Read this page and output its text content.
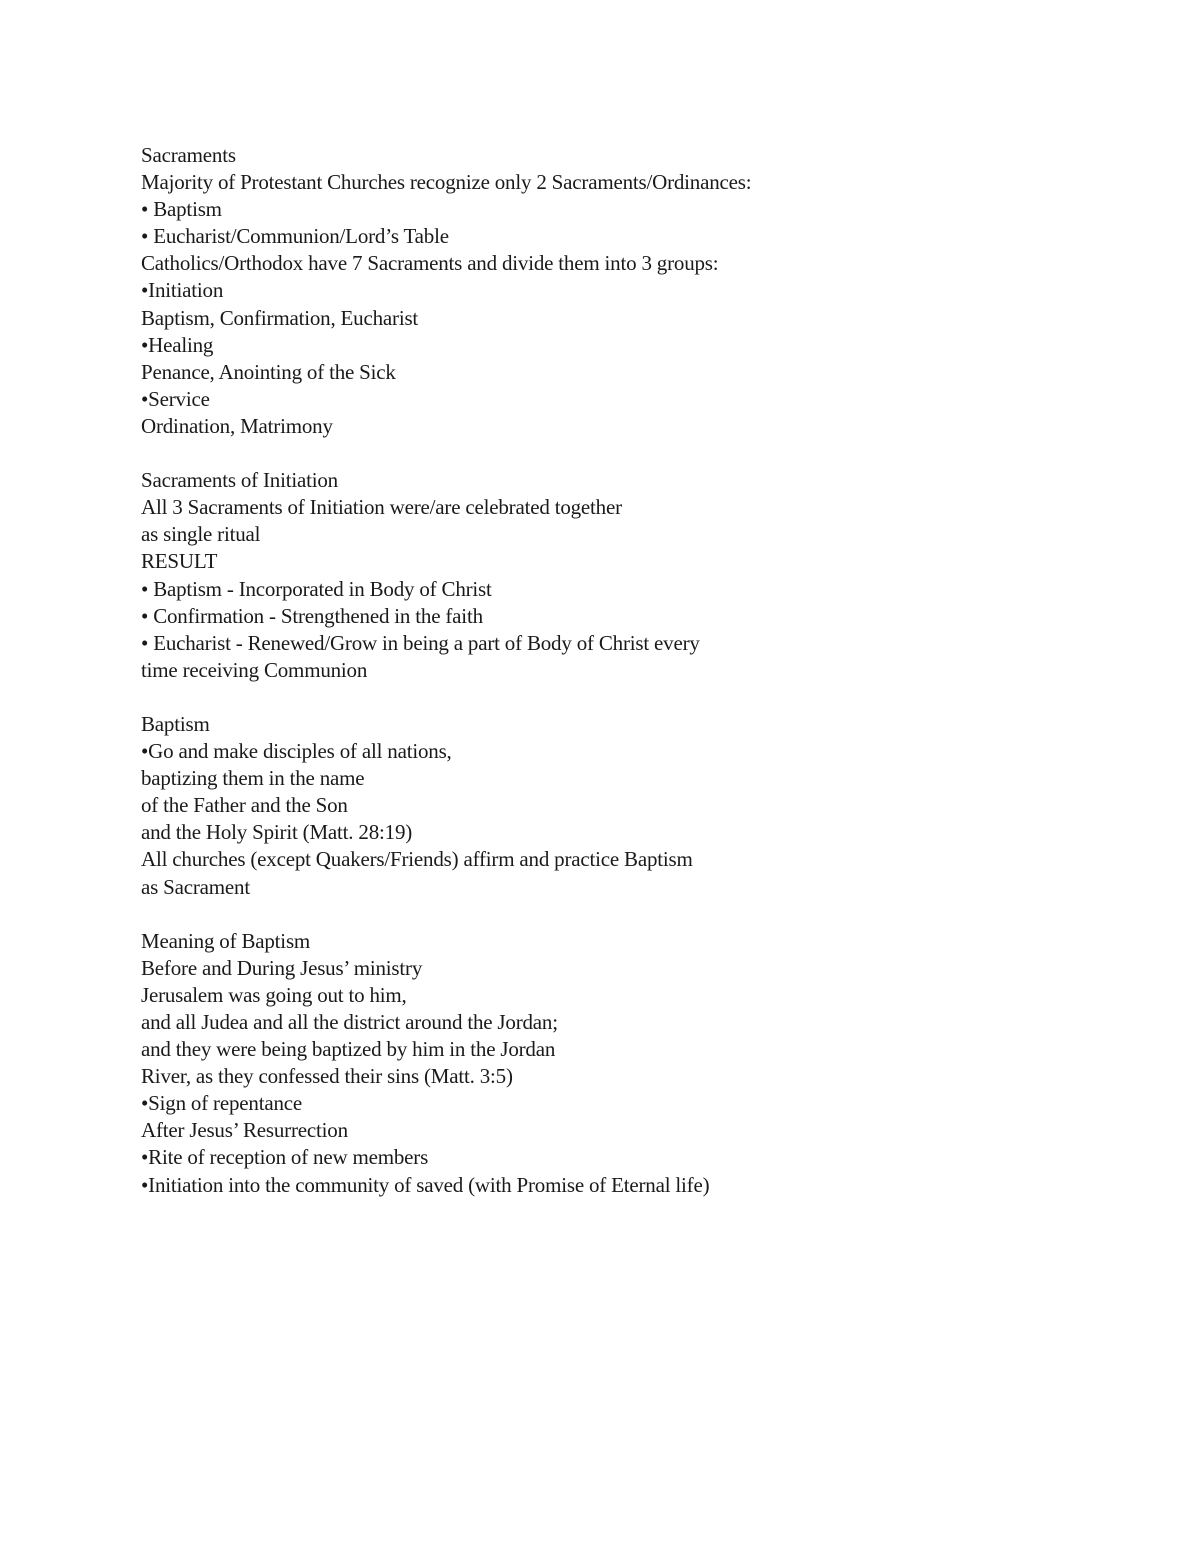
Sacraments
Majority of Protestant Churches recognize only 2 Sacraments/Ordinances:
• Baptism
• Eucharist/Communion/Lord’s Table
Catholics/Orthodox have 7 Sacraments and divide them into 3 groups:
•Initiation
Baptism, Confirmation, Eucharist
•Healing
Penance, Anointing of the Sick
•Service
Ordination, Matrimony
Sacraments of Initiation
All 3 Sacraments of Initiation were/are celebrated together
as single ritual
RESULT
• Baptism - Incorporated in Body of Christ
• Confirmation - Strengthened in the faith
• Eucharist - Renewed/Grow in being a part of Body of Christ every
time receiving Communion
Baptism
•Go and make disciples of all nations,
baptizing them in the name
of the Father and the Son
and the Holy Spirit (Matt. 28:19)
All churches (except Quakers/Friends) affirm and practice Baptism
as Sacrament
Meaning of Baptism
Before and During Jesus’ ministry
Jerusalem was going out to him,
and all Judea and all the district around the Jordan;
and they were being baptized by him in the Jordan
River, as they confessed their sins (Matt. 3:5)
•Sign of repentance
After Jesus’ Resurrection
•Rite of reception of new members
•Initiation into the community of saved (with Promise of Eternal life)
